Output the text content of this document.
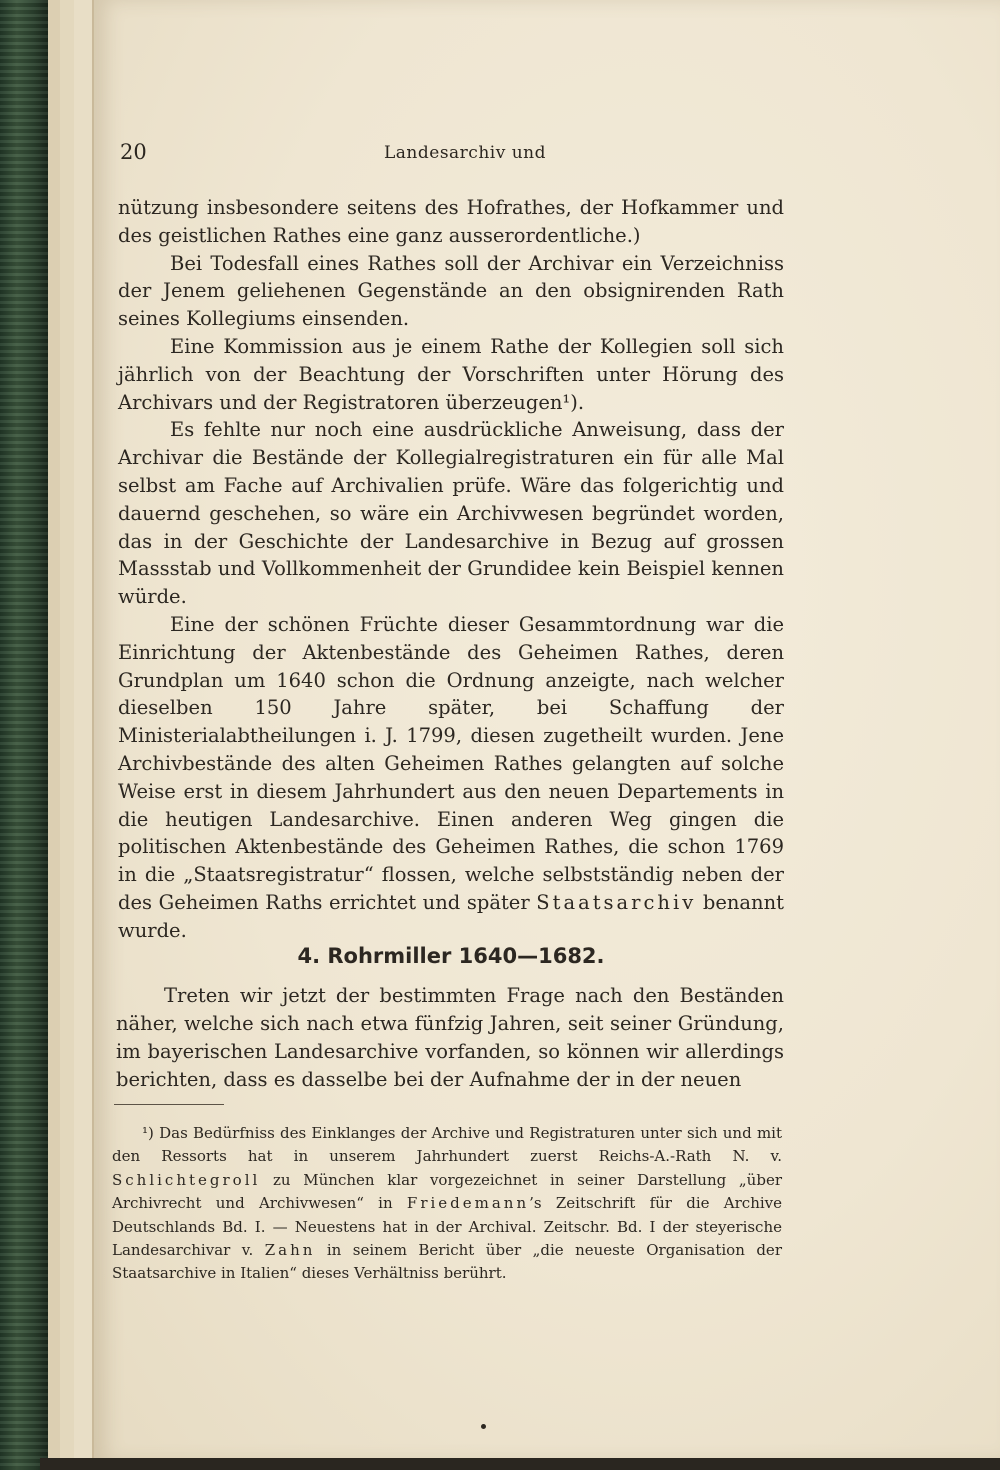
20	Landesarchiv und

nützung insbesondere seitens des Hofrathes, der Hofkammer und des geistlichen Rathes eine ganz ausserordentliche.)

Bei Todesfall eines Rathes soll der Archivar ein Verzeichniss der Jenem geliehenen Gegenstände an den obsignirenden Rath seines Kollegiums einsenden.

Eine Kommission aus je einem Rathe der Kollegien soll sich jährlich von der Beachtung der Vorschriften unter Hörung des Archivars und der Registratoren überzeugen¹).

Es fehlte nur noch eine ausdrückliche Anweisung, dass der Archivar die Bestände der Kollegialregistraturen ein für alle Mal selbst am Fache auf Archivalien prüfe. Wäre das folgerichtig und dauernd geschehen, so wäre ein Archivwesen begründet worden, das in der Geschichte der Landesarchive in Bezug auf grossen Massstab und Vollkommenheit der Grundidee kein Beispiel kennen würde.

Eine der schönen Früchte dieser Gesammtordnung war die Einrichtung der Aktenbestände des Geheimen Rathes, deren Grundplan um 1640 schon die Ordnung anzeigte, nach welcher dieselben 150 Jahre später, bei Schaffung der Ministerialabtheilungen i. J. 1799, diesen zugetheilt wurden. Jene Archivbestände des alten Geheimen Rathes gelangten auf solche Weise erst in diesem Jahrhundert aus den neuen Departements in die heutigen Landesarchive. Einen anderen Weg gingen die politischen Aktenbestände des Geheimen Rathes, die schon 1769 in die „Staatsregistratur“ flossen, welche selbstständig neben der des Geheimen Raths errichtet und später Staatsarchiv benannt wurde.

4. Rohrmiller 1640—1682.

Treten wir jetzt der bestimmten Frage nach den Beständen näher, welche sich nach etwa fünfzig Jahren, seit seiner Gründung, im bayerischen Landesarchive vorfanden, so können wir allerdings berichten, dass es dasselbe bei der Aufnahme der in der neuen

¹) Das Bedürfniss des Einklanges der Archive und Registraturen unter sich und mit den Ressorts hat in unserem Jahrhundert zuerst Reichs-A.-Rath N. v. Schlichtegroll zu München klar vorgezeichnet in seiner Darstellung „über Archivrecht und Archivwesen“ in Friedemann’s Zeitschrift für die Archive Deutschlands Bd. I. — Neuestens hat in der Archival. Zeitschr. Bd. I der steyerische Landesarchivar v. Zahn in seinem Bericht über „die neueste Organisation der Staatsarchive in Italien“ dieses Verhältniss berührt.
